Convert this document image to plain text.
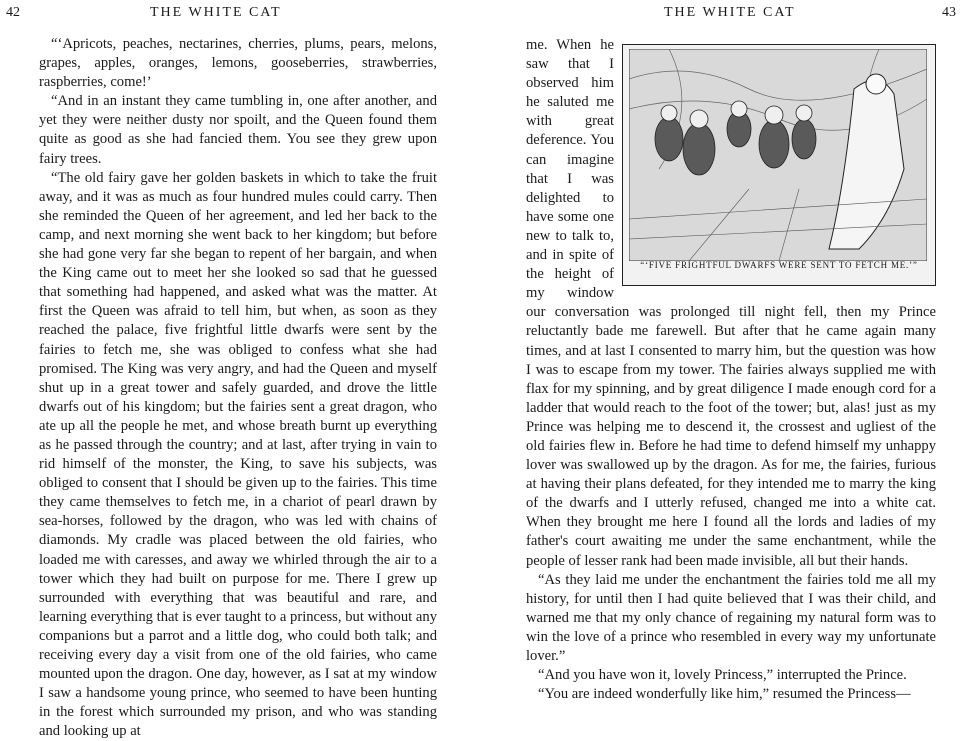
42	THE WHITE CAT

“‘Apricots, peaches, nectarines, cherries, plums, pears, melons, grapes, apples, oranges, lemons, gooseberries, strawberries, raspberries, come!’

“And in an instant they came tumbling in, one after another, and yet they were neither dusty nor spoilt, and the Queen found them quite as good as she had fancied them. You see they grew upon fairy trees.

“The old fairy gave her golden baskets in which to take the fruit away, and it was as much as four hundred mules could carry. Then she reminded the Queen of her agreement, and led her back to the camp, and next morning she went back to her kingdom; but before she had gone very far she began to repent of her bargain, and when the King came out to meet her she looked so sad that he guessed that something had happened, and asked what was the matter. At first the Queen was afraid to tell him, but when, as soon as they reached the palace, five frightful little dwarfs were sent by the fairies to fetch me, she was obliged to confess what she had promised. The King was very angry, and had the Queen and myself shut up in a great tower and safely guarded, and drove the little dwarfs out of his kingdom; but the fairies sent a great dragon, who ate up all the people he met, and whose breath burnt up everything as he passed through the country; and at last, after trying in vain to rid himself of the monster, the King, to save his subjects, was obliged to consent that I should be given up to the fairies. This time they came themselves to fetch me, in a chariot of pearl drawn by sea-horses, followed by the dragon, who was led with chains of diamonds. My cradle was placed between the old fairies, who loaded me with caresses, and away we whirled through the air to a tower which they had built on purpose for me. There I grew up surrounded with everything that was beautiful and rare, and learning everything that is ever taught to a princess, but without any companions but a parrot and a little dog, who could both talk; and receiving every day a visit from one of the old fairies, who came mounted upon the dragon. One day, however, as I sat at my window I saw a handsome young prince, who seemed to have been hunting in the forest which surrounded my prison, and who was standing and looking up at

THE WHITE CAT	43
“‘FIVE FRIGHTFUL DWARFS WERE SENT TO FETCH ME.’”

me. When he saw that I observed him he saluted me with great deference. You can imagine that I was delighted to have some one new to talk to, and in spite of the height of my window our conversation was prolonged till night fell, then my Prince reluctantly bade me farewell. But after that he came again many times, and at last I consented to marry him, but the question was how I was to escape from my tower. The fairies always supplied me with flax for my spinning, and by great diligence I made enough cord for a ladder that would reach to the foot of the tower; but, alas! just as my Prince was helping me to descend it, the crossest and ugliest of the old fairies flew in. Before he had time to defend himself my unhappy lover was swallowed up by the dragon. As for me, the fairies, furious at having their plans defeated, for they intended me to marry the king of the dwarfs and I utterly refused, changed me into a white cat. When they brought me here I found all the lords and ladies of my father's court awaiting me under the same enchantment, while the people of lesser rank had been made invisible, all but their hands.

“As they laid me under the enchantment the fairies told me all my history, for until then I had quite believed that I was their child, and warned me that my only chance of regaining my natural form was to win the love of a prince who resembled in every way my unfortunate lover.”

“And you have won it, lovely Princess,” interrupted the Prince.

“You are indeed wonderfully like him,” resumed the Princess—
